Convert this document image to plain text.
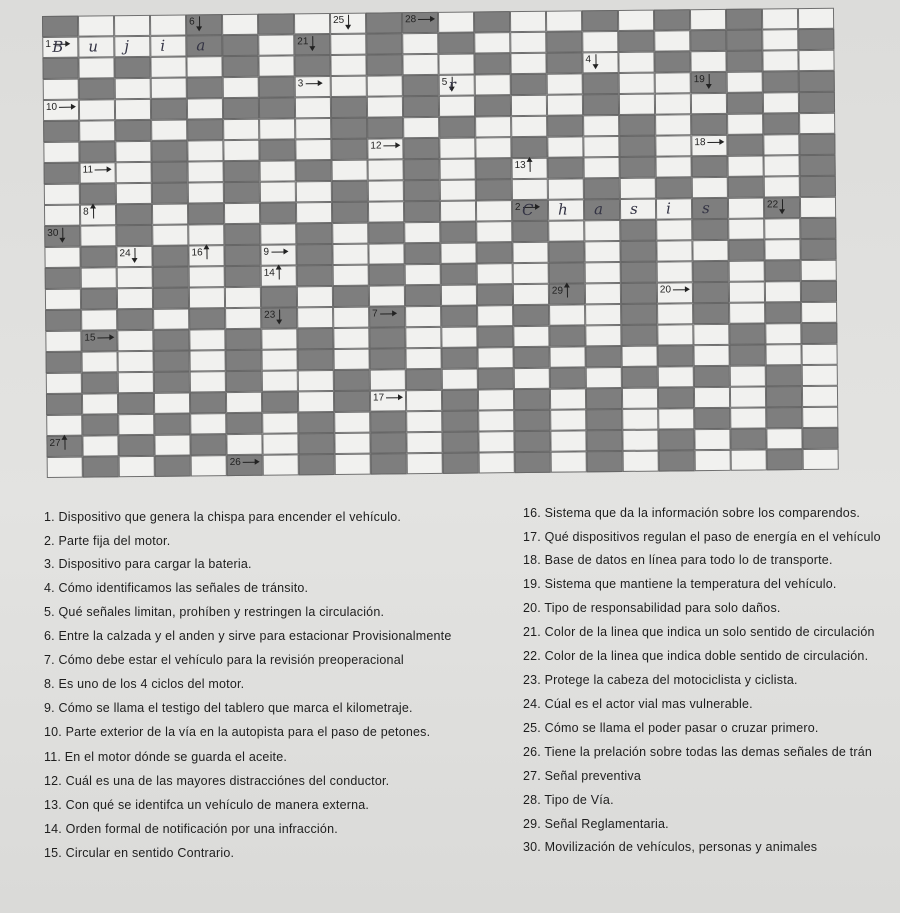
1
6	25	28
21
4
3	5	19
10
12	18
11	13
8	2	22
30
24	16	9
14
29	20
23	7
15
17
27
26
B u j i a
C h a s i s
r
1. Dispositivo que genera la chispa para encender el vehículo.
2. Parte fija del motor.
3. Dispositivo para cargar la bateria.
4. Cómo identificamos las señales de tránsito.
5. Qué señales limitan, prohíben y restringen la circulación.
6. Entre la calzada y el anden y sirve para estacionar Provisionalmente
7. Cómo debe estar el vehículo para la revisión preoperacional
8. Es uno de los 4 ciclos del motor.
9. Cómo se llama el testigo del tablero que marca el kilometraje.
10. Parte exterior de la vía en la autopista para el paso de petones.
11. En el motor dónde se guarda el aceite.
12. Cuál es una de las mayores distracciónes del conductor.
13. Con qué se identifca un vehículo de manera externa.
14. Orden formal de notificación por una infracción.
15. Circular en sentido Contrario.
16. Sistema que da la información sobre los comparendos.
17. Qué dispositivos regulan el paso de energía en el vehículo
18. Base de datos en línea para todo lo de transporte.
19. Sistema que mantiene la temperatura del vehículo.
20. Tipo de responsabilidad para solo daños.
21. Color de la linea que indica un solo sentido de circulación
22. Color de la linea que indica doble sentido de circulación.
23. Protege la cabeza del motociclista y ciclista.
24. Cúal es el actor vial mas vulnerable.
25. Cómo se llama el poder pasar o cruzar primero.
26. Tiene la prelación sobre todas las demas señales de trán
27. Señal preventiva
28. Tipo de Vía.
29. Señal Reglamentaria.
30. Movilización de vehículos, personas y animales
